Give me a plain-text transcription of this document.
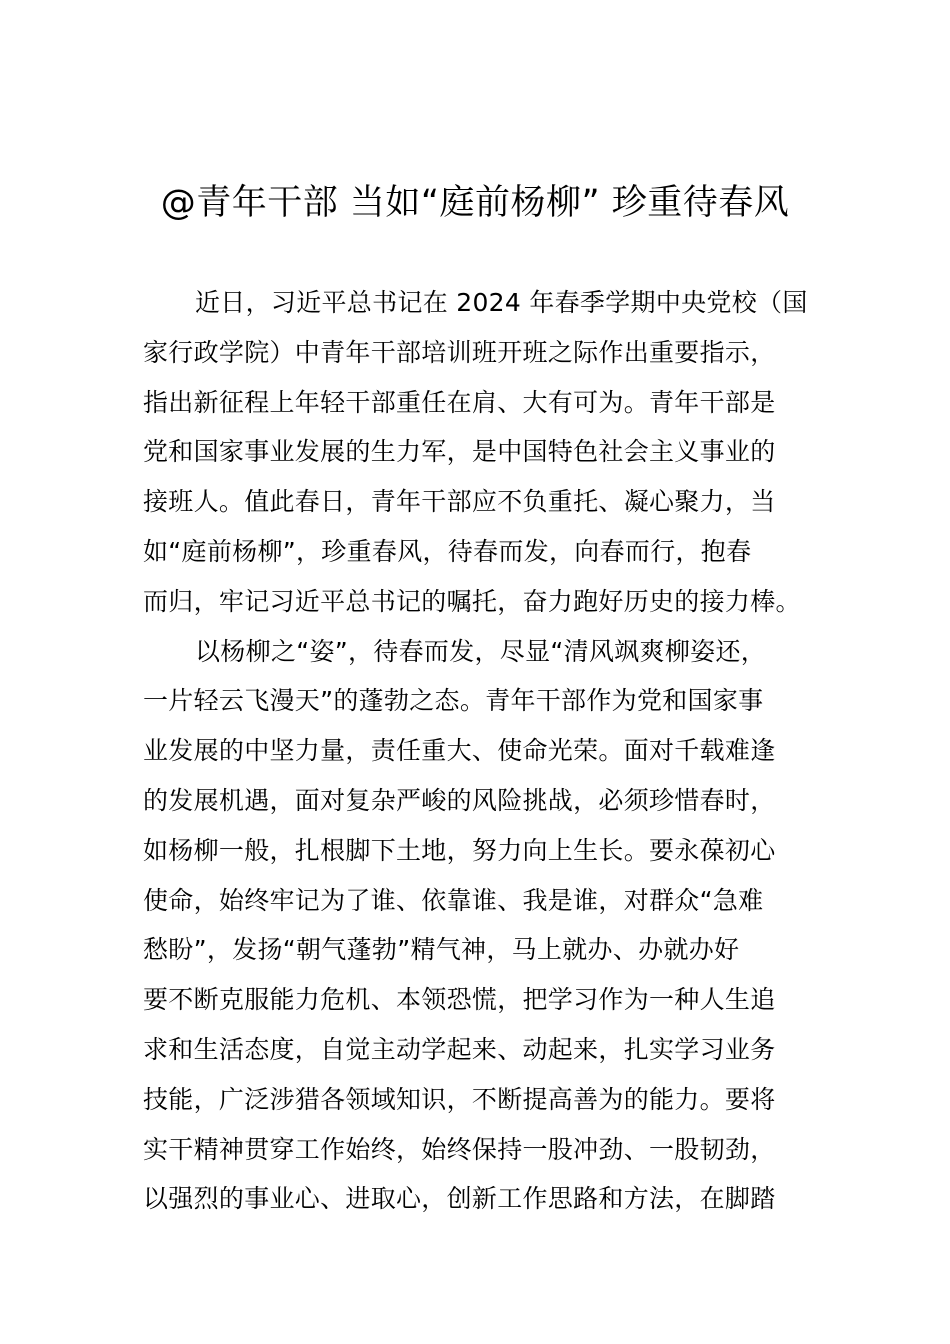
@青年干部 当如“庭前杨柳” 珍重待春风
近日，习近平总书记在 2024 年春季学期中央党校（国
家行政学院）中青年干部培训班开班之际作出重要指示，
指出新征程上年轻干部重任在肩、大有可为。青年干部是
党和国家事业发展的生力军，是中国特色社会主义事业的
接班人。值此春日，青年干部应不负重托、凝心聚力，当
如“庭前杨柳”，珍重春风，待春而发，向春而行，抱春
而归，牢记习近平总书记的嘱托，奋力跑好历史的接力棒。
以杨柳之“姿”，待春而发，尽显“清风飒爽柳姿还，
一片轻云飞漫天”的蓬勃之态。青年干部作为党和国家事
业发展的中坚力量，责任重大、使命光荣。面对千载难逢
的发展机遇，面对复杂严峻的风险挑战，必须珍惜春时，
如杨柳一般，扎根脚下土地，努力向上生长。要永葆初心
使命，始终牢记为了谁、依靠谁、我是谁，对群众“急难
愁盼”，发扬“朝气蓬勃”精气神，马上就办、办就办好
要不断克服能力危机、本领恐慌，把学习作为一种人生追
求和生活态度，自觉主动学起来、动起来，扎实学习业务
技能，广泛涉猎各领域知识，不断提高善为的能力。要将
实干精神贯穿工作始终，始终保持一股冲劲、一股韧劲，
以强烈的事业心、进取心，创新工作思路和方法，在脚踏
